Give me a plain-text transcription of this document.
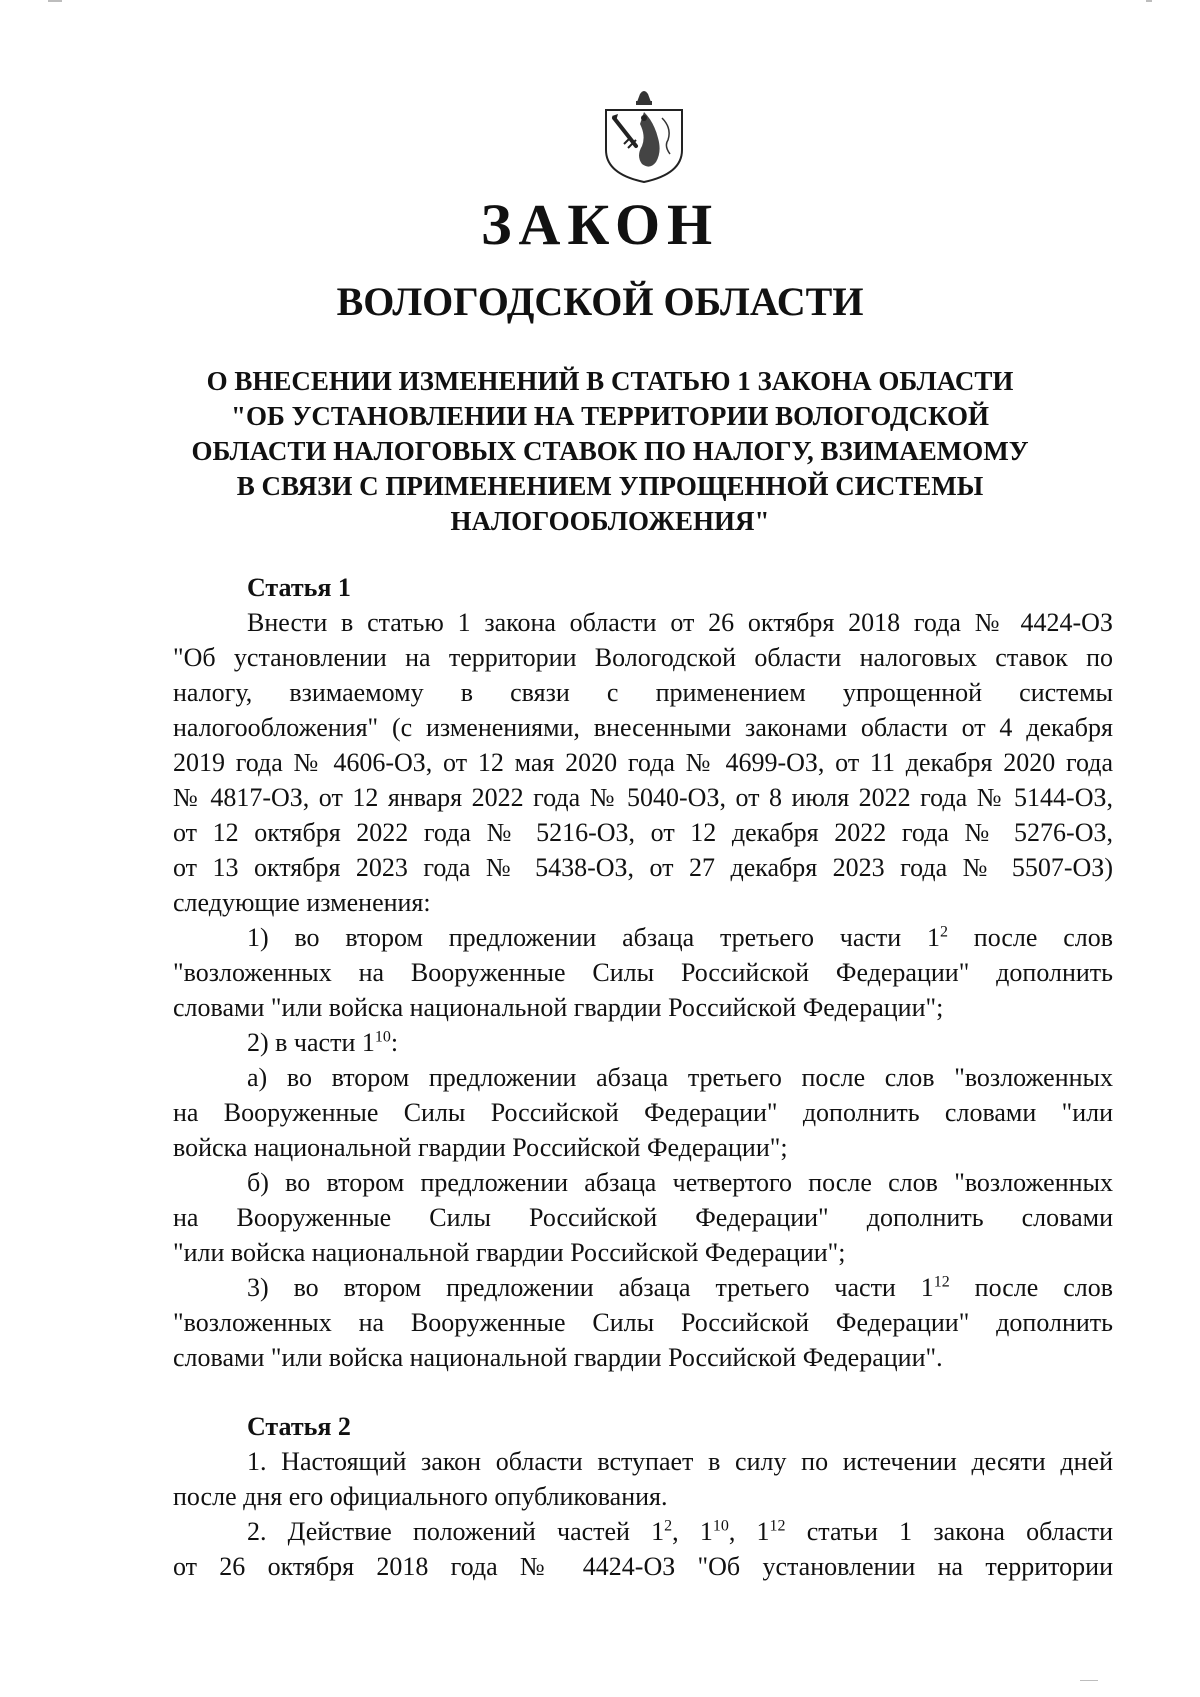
ЗАКОН
ВОЛОГОДСКОЙ ОБЛАСТИ
О ВНЕСЕНИИ ИЗМЕНЕНИЙ В СТАТЬЮ 1 ЗАКОНА ОБЛАСТИ
"ОБ УСТАНОВЛЕНИИ НА ТЕРРИТОРИИ ВОЛОГОДСКОЙ
ОБЛАСТИ НАЛОГОВЫХ СТАВОК ПО НАЛОГУ, ВЗИМАЕМОМУ
В СВЯЗИ С ПРИМЕНЕНИЕМ УПРОЩЕННОЙ СИСТЕМЫ
НАЛОГООБЛОЖЕНИЯ"
Статья 1
Внести в статью 1 закона области от 26 октября 2018 года № 4424-ОЗ
"Об установлении на территории Вологодской области налоговых ставок по
налогу, взимаемому в связи с применением упрощенной системы
налогообложения" (с изменениями, внесенными законами области от 4 декабря
2019 года № 4606-ОЗ, от 12 мая 2020 года № 4699-ОЗ, от 11 декабря 2020 года
№ 4817-ОЗ, от 12 января 2022 года № 5040-ОЗ, от 8 июля 2022 года № 5144-ОЗ,
от 12 октября 2022 года № 5216-ОЗ, от 12 декабря 2022 года № 5276-ОЗ,
от 13 октября 2023 года № 5438-ОЗ, от 27 декабря 2023 года № 5507-ОЗ)
следующие изменения:
1) во втором предложении абзаца третьего части $1^2$ после слов
"возложенных на Вооруженные Силы Российской Федерации" дополнить
словами "или войска национальной гвардии Российской Федерации";
2) в части $1^{10}$:
а) во втором предложении абзаца третьего после слов "возложенных
на Вооруженные Силы Российской Федерации" дополнить словами "или
войска национальной гвардии Российской Федерации";
б) во втором предложении абзаца четвертого после слов "возложенных
на Вооруженные Силы Российской Федерации" дополнить словами
"или войска национальной гвардии Российской Федерации";
3) во втором предложении абзаца третьего части $1^{12}$ после слов
"возложенных на Вооруженные Силы Российской Федерации" дополнить
словами "или войска национальной гвардии Российской Федерации".
Статья 2
1. Настоящий закон области вступает в силу по истечении десяти дней
после дня его официального опубликования.
2. Действие положений частей $1^2$, $1^{10}$, $1^{12}$ статьи 1 закона области
от 26 октября 2018 года № 4424-ОЗ "Об установлении на территории
